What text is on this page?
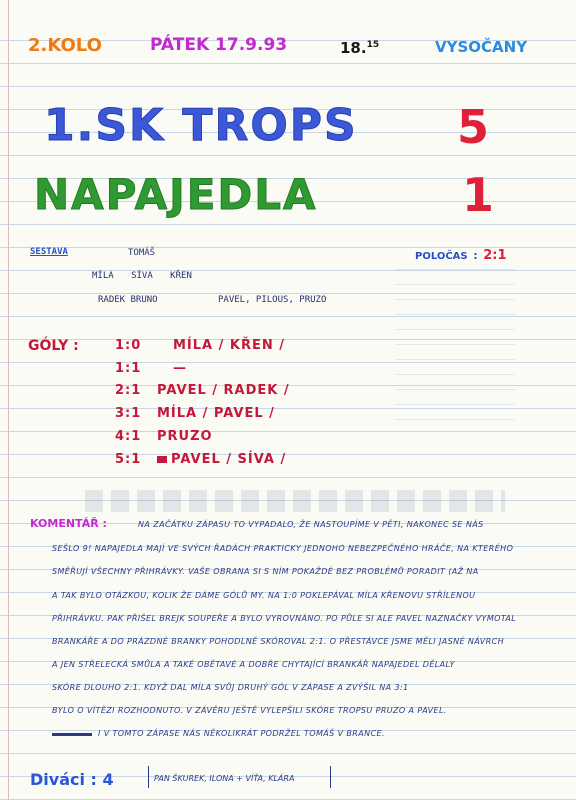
2.KOLO	PÁTEK 17.9.93	18.15	VYSOČANY
1.SK TROPS 5
NAPAJEDLA	1
SESTAVA	TOMÁŠ
MÍLA SÍVA KŘEN
RADEK BRUNO	PAVEL, PILOUS, PRUZO
POLOČAS : 2:1
GÓLY :	1:0 MÍLA / KŘEN /
1:1 —
2:1 PAVEL / RADEK /
3:1 MÍLA / PAVEL /
4:1 PRUZO
5:1 PAVEL / SÍVA /
KOMENTÁŘ :	NA ZAČÁTKU ZÁPASU TO VYPADALO, ŽE NASTOUPÍME V PĚTI, NAKONEC SE NÁS
SEŠLO 9! NAPAJEDLA MAJÍ VE SVÝCH ŘADÁCH PRAKTICKY JEDNOHO NEBEZPEČNÉHO HRÁČE, NA KTERÉHO
SMĚŘUJÍ VŠECHNY PŘIHRÁVKY. VAŠE OBRANA SI S NÍM POKAŽDÉ BEZ PROBLÉMŮ PORADIT (AŽ NA
A TAK BYLO OTÁZKOU, KOLIK ŽE DÁME GÓLŮ MY. NA 1:0 POKLEPÁVAL MÍLA KŘENOVU STŘÍLENOU
PŘIHRÁVKU. PAK PŘIŠEL BREJK SOUPEŘE A BYLO VYROVNÁNO. PO PŮLE SI ALE PAVEL NAZNAČKY VYMOTAL
BRANKÁŘE A DO PRÁZDNÉ BRANKY POHODLNĚ SKÓROVAL 2:1. O PŘESTÁVCE JSME MĚLI JASNÉ NÁVRCH
A JEN STŘELECKÁ SMŮLA A TAKÉ OBĚTAVÉ A DOBŘE CHYTAJÍCÍ BRANKÁŘ NAPAJEDEL DĚLALY
SKÓRE DLOUHO 2:1. KDYŽ DAL MÍLA SVŮJ DRUHÝ GÓL V ZÁPASE A ZVÝŠIL NA 3:1
BYLO O VÍTĚZI ROZHODNUTO. V ZÁVĚRU JEŠTĚ VYLEPŠILI SKÓRE TROPSU PRUZO A PAVEL.
I V TOMTO ZÁPASE NÁS NĚKOLIKRÁT PODRŽEL TOMÁŠ V BRANCE.
Diváci : 4	PAN ŠKUREK, ILONA + VÍŤA, KLÁRA
